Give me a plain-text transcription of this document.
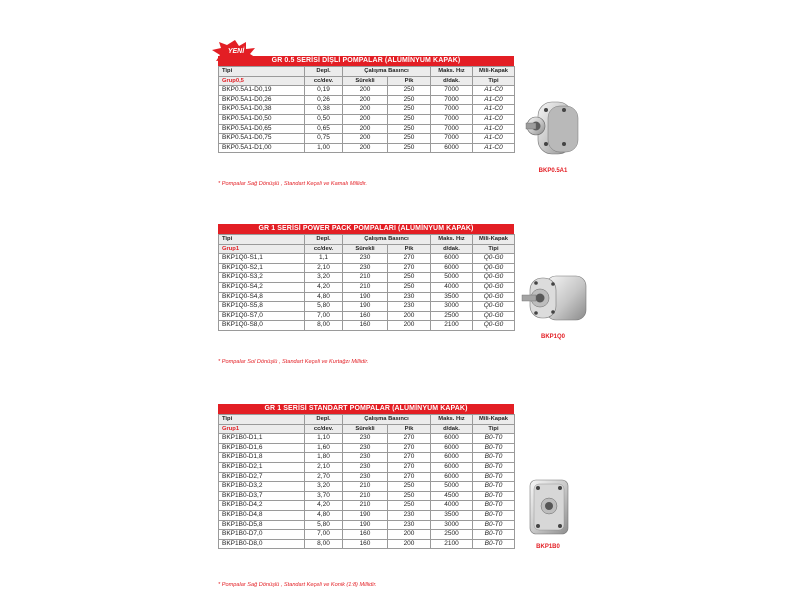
YENİ
GR 0.5 SERİSİ DİŞLİ POMPALAR (ALÜMİNYUM KAPAK)
Tipi	Depl.	Çalışma Basıncı		Maks. Hız	Mili-Kapak
Grup0,5	cc/dev.	Sürekli	Pik	d/dak.	Tipi
BKP0.5A1-D0,19	0,19	200	250	7000	A1-C0
BKP0.5A1-D0,26	0,26	200	250	7000	A1-C0
BKP0.5A1-D0,38	0,38	200	250	7000	A1-C0
BKP0.5A1-D0,50	0,50	200	250	7000	A1-C0
BKP0.5A1-D0,65	0,65	200	250	7000	A1-C0
BKP0.5A1-D0,75	0,75	200	250	7000	A1-C0
BKP0.5A1-D1,00	1,00	200	250	6000	A1-C0
* Pompalar Sağ Dönüşlü , Standart Keçeli ve Kamalı Millidir.
GR 1 SERİSİ POWER PACK POMPALARI (ALÜMİNYUM KAPAK)
Tipi	Depl.	Çalışma Basıncı		Maks. Hız	Mili-Kapak
Grup1	cc/dev.	Sürekli	Pik	d/dak.	Tipi
BKP1Q0-S1,1	1,1	230	270	6000	Q0-G0
BKP1Q0-S2,1	2,10	230	270	6000	Q0-G0
BKP1Q0-S3,2	3,20	210	250	5000	Q0-G0
BKP1Q0-S4,2	4,20	210	250	4000	Q0-G0
BKP1Q0-S4,8	4,80	190	230	3500	Q0-G0
BKP1Q0-S5,8	5,80	190	230	3000	Q0-G0
BKP1Q0-S7,0	7,00	160	200	2500	Q0-G0
BKP1Q0-S8,0	8,00	160	200	2100	Q0-G0
* Pompalar Sol Dönüşlü , Standart Keçeli ve Kurtağzı Millidir.
GR 1 SERİSİ STANDART POMPALAR (ALÜMİNYUM KAPAK)
Tipi	Depl.	Çalışma Basıncı		Maks. Hız	Mili-Kapak
Grup1	cc/dev.	Sürekli	Pik	d/dak.	Tipi
BKP1B0-D1,1	1,10	230	270	6000	B0-T0
BKP1B0-D1,6	1,60	230	270	6000	B0-T0
BKP1B0-D1,8	1,80	230	270	6000	B0-T0
BKP1B0-D2,1	2,10	230	270	6000	B0-T0
BKP1B0-D2,7	2,70	230	270	6000	B0-T0
BKP1B0-D3,2	3,20	210	250	5000	B0-T0
BKP1B0-D3,7	3,70	210	250	4500	B0-T0
BKP1B0-D4,2	4,20	210	250	4000	B0-T0
BKP1B0-D4,8	4,80	190	230	3500	B0-T0
BKP1B0-D5,8	5,80	190	230	3000	B0-T0
BKP1B0-D7,0	7,00	160	200	2500	B0-T0
BKP1B0-D8,0	8,00	160	200	2100	B0-T0
* Pompalar Sağ Dönüşlü , Standart Keçeli ve Konik (1:8) Millidir.
BKP0.5A1
BKP1Q0
BKP1B0
